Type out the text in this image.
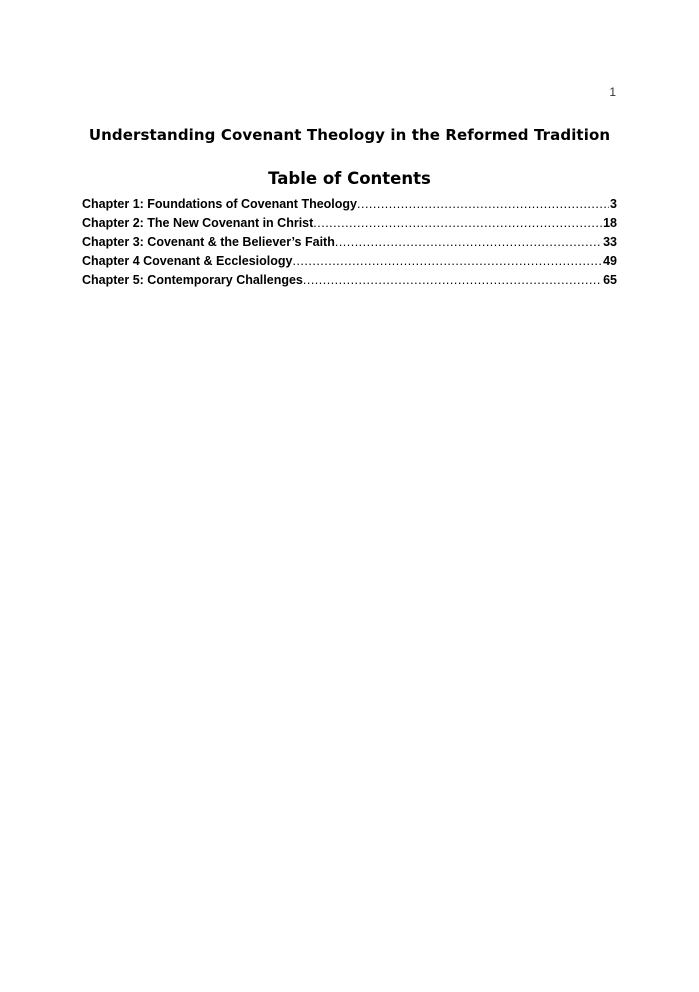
1
Understanding Covenant Theology in the Reformed Tradition
Table of Contents
Chapter 1: Foundations of Covenant Theology .....	3
Chapter 2: The New Covenant in Christ .....	18
Chapter 3: Covenant & the Believer’s Faith .....	33
Chapter 4 Covenant & Ecclesiology .....	49
Chapter 5: Contemporary Challenges .....	65
